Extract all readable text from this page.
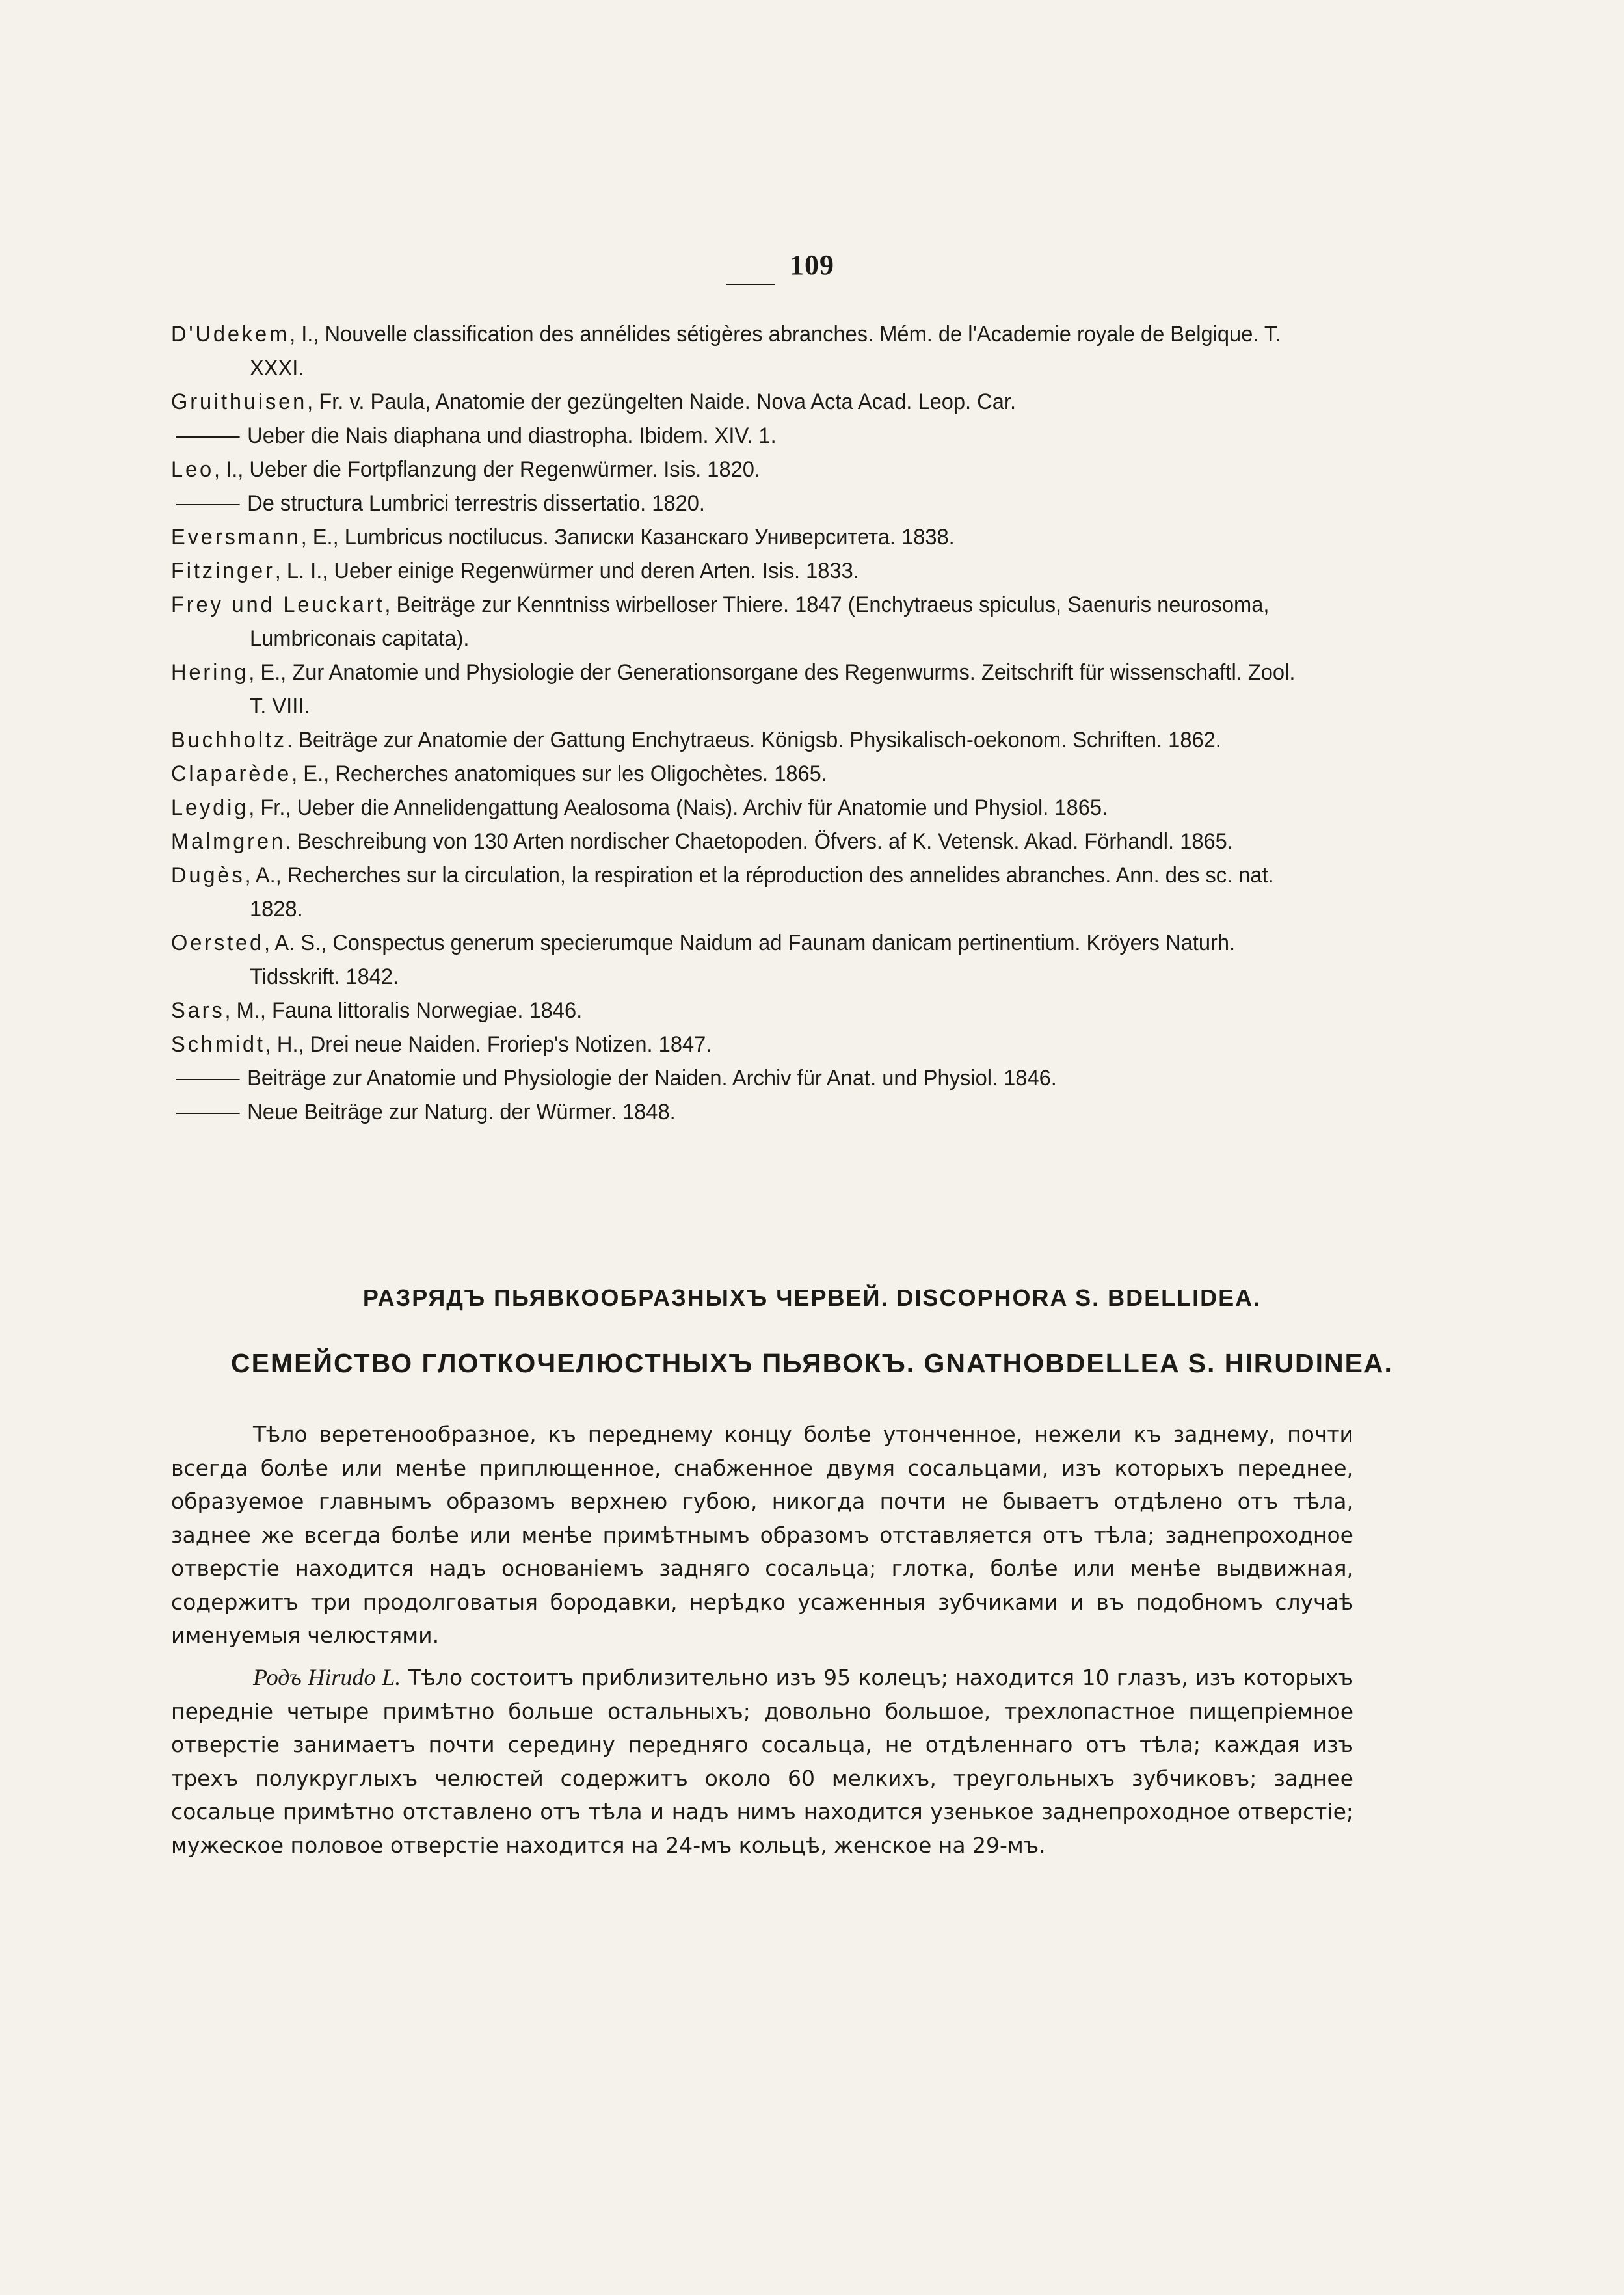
109
D'Udekem, I., Nouvelle classification des annélides sétigères abranches. Mém. de l'Academie royale de Belgique. T. XXXI.
Gruithuisen, Fr. v. Paula, Anatomie der gezüngelten Naide. Nova Acta Acad. Leop. Car.
Ueber die Nais diaphana und diastropha. Ibidem. XIV. 1.
Leo, I., Ueber die Fortpflanzung der Regenwürmer. Isis. 1820.
De structura Lumbrici terrestris dissertatio. 1820.
Eversmann, E., Lumbricus noctilucus. Записки Казанскаго Университета. 1838.
Fitzinger, L. I., Ueber einige Regenwürmer und deren Arten. Isis. 1833.
Frey und Leuckart, Beiträge zur Kenntniss wirbelloser Thiere. 1847 (Enchytraeus spiculus, Saenuris neurosoma, Lumbriconais capitata).
Hering, E., Zur Anatomie und Physiologie der Generationsorgane des Regenwurms. Zeitschrift für wissenschaftl. Zool. T. VIII.
Buchholtz. Beiträge zur Anatomie der Gattung Enchytraeus. Königsb. Physikalisch-oekonom. Schriften. 1862.
Claparède, E., Recherches anatomiques sur les Oligochètes. 1865.
Leydig, Fr., Ueber die Annelidengattung Aealosoma (Nais). Archiv für Anatomie und Physiol. 1865.
Malmgren. Beschreibung von 130 Arten nordischer Chaetopoden. Öfvers. af K. Vetensk. Akad. Förhandl. 1865.
Dugès, A., Recherches sur la circulation, la respiration et la réproduction des annelides abranches. Ann. des sc. nat. 1828.
Oersted, A. S., Conspectus generum specierumque Naidum ad Faunam danicam pertinentium. Kröyers Naturh. Tidsskrift. 1842.
Sars, M., Fauna littoralis Norwegiae. 1846.
Schmidt, H., Drei neue Naiden. Froriep's Notizen. 1847.
Beiträge zur Anatomie und Physiologie der Naiden. Archiv für Anat. und Physiol. 1846.
Neue Beiträge zur Naturg. der Würmer. 1848.
РАЗРЯДЪ ПЬЯВКООБРАЗНЫХЪ ЧЕРВЕЙ. DISCOPHORA S. BDELLIDEA.
СЕМЕЙСТВО ГЛОТКОЧЕЛЮСТНЫХЪ ПЬЯВОКЪ. GNATHOBDELLEA S. HIRUDINEA.

Тѣло веретенообразное, къ переднему концу болѣе утонченное, нежели къ заднему, почти всегда болѣе или менѣе приплющенное, снабженное двумя сосальцами, изъ которыхъ переднее, образуемое главнымъ образомъ верхнею губою, никогда почти не бываетъ отдѣлено отъ тѣла, заднее же всегда болѣе или менѣе примѣтнымъ образомъ отставляется отъ тѣла; заднепроходное отверстіе находится надъ основаніемъ задняго сосальца; глотка, болѣе или менѣе выдвижная, содержитъ три продолговатыя бородавки, нерѣдко усаженныя зубчиками и въ подобномъ случаѣ именуемыя челюстями.

Родъ Hirudo L. Тѣло состоитъ приблизительно изъ 95 колецъ; находится 10 глазъ, изъ которыхъ передніе четыре примѣтно больше остальныхъ; довольно большое, трехлопастное пищепріемное отверстіе занимаетъ почти середину передняго сосальца, не отдѣленнаго отъ тѣла; каждая изъ трехъ полукруглыхъ челюстей содержитъ около 60 мелкихъ, треугольныхъ зубчиковъ; заднее сосальце примѣтно отставлено отъ тѣла и надъ нимъ находится узенькое заднепроходное отверстіе; мужеское половое отверстіе находится на 24-мъ кольцѣ, женское на 29-мъ.
